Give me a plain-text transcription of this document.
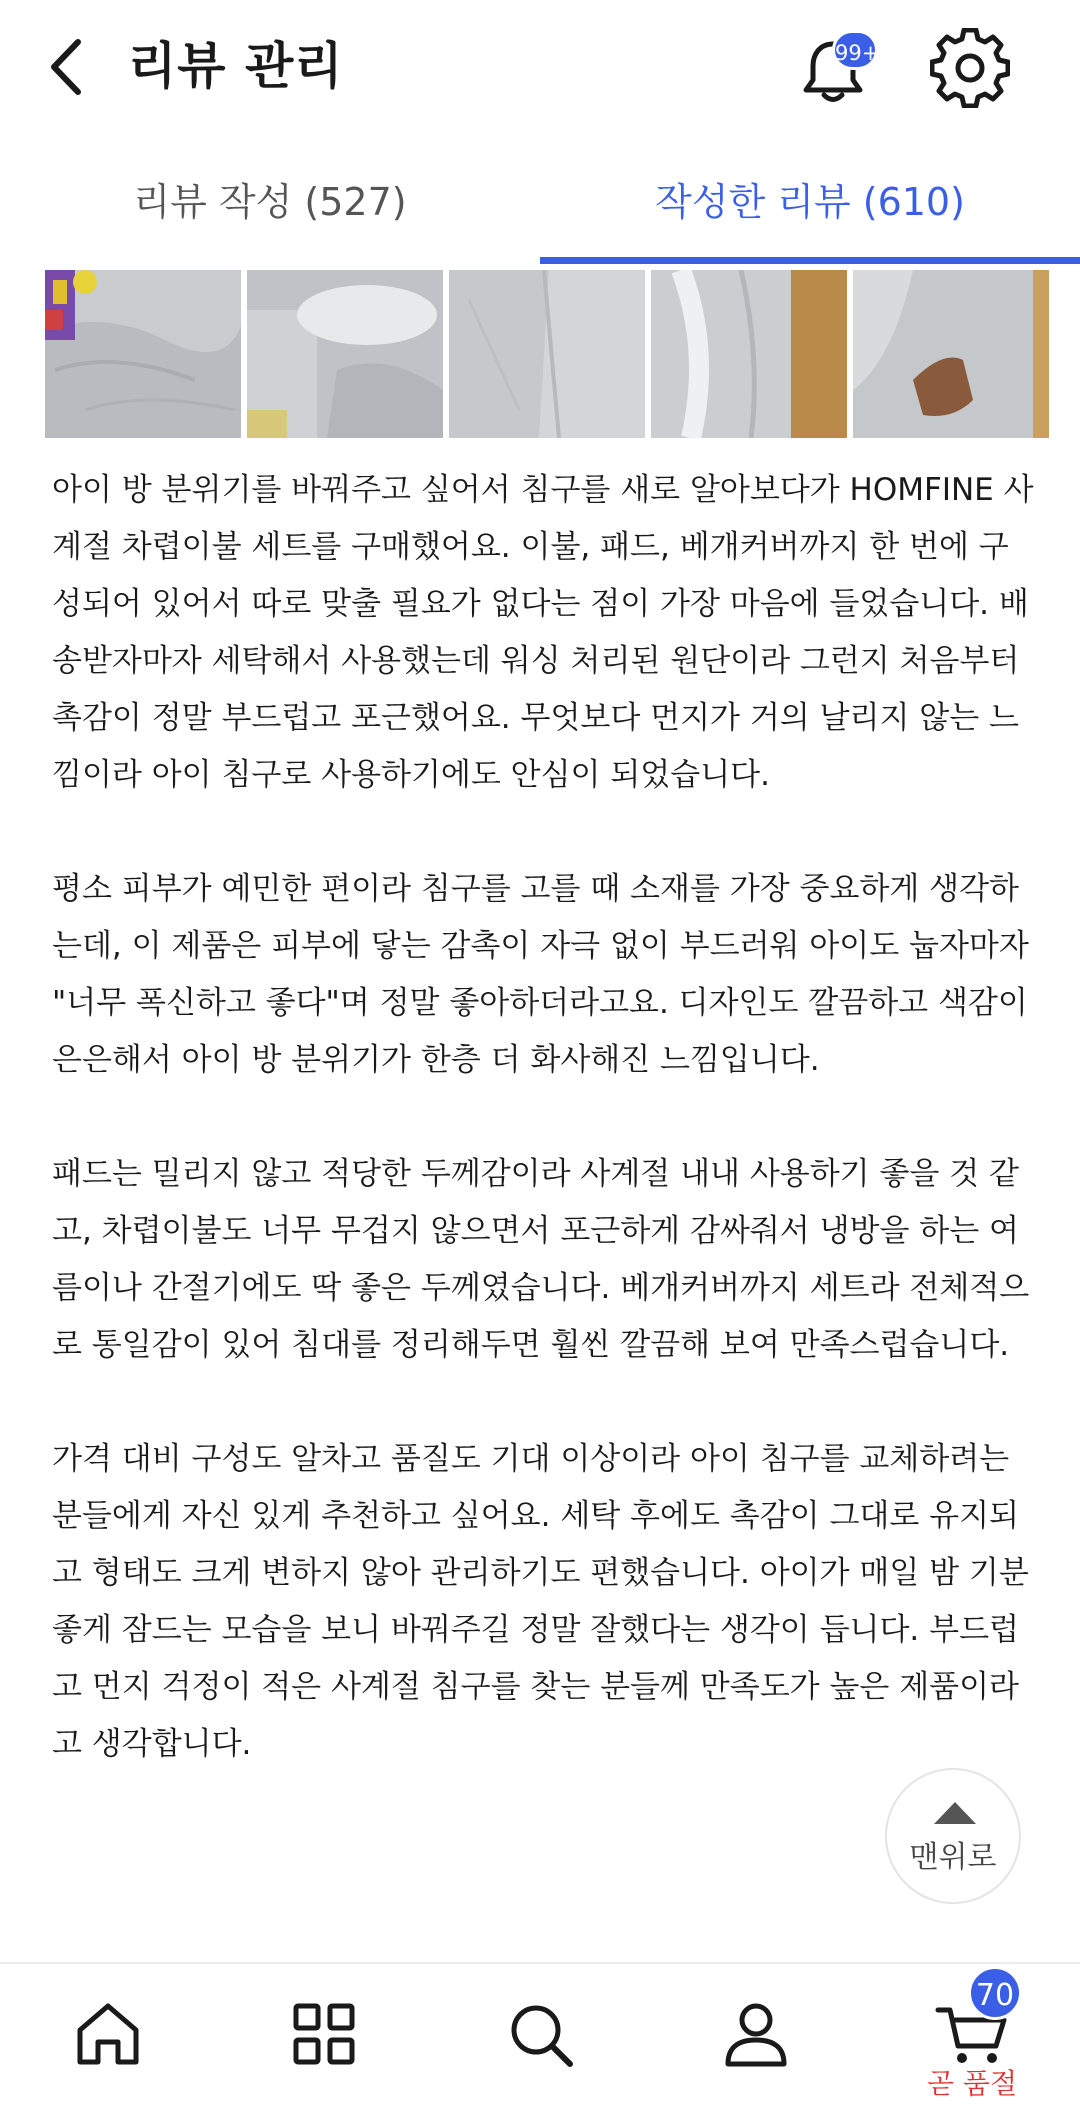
리뷰 관리	99+
리뷰 작성 (527)	작성한 리뷰 (610)

아이 방 분위기를 바꿔주고 싶어서 침구를 새로 알아보다가 HOMFINE 사계절 차렵이불 세트를 구매했어요. 이불, 패드, 베개커버까지 한 번에 구성되어 있어서 따로 맞출 필요가 없다는 점이 가장 마음에 들었습니다. 배송받자마자 세탁해서 사용했는데 워싱 처리된 원단이라 그런지 처음부터 촉감이 정말 부드럽고 포근했어요. 무엇보다 먼지가 거의 날리지 않는 느낌이라 아이 침구로 사용하기에도 안심이 되었습니다.

평소 피부가 예민한 편이라 침구를 고를 때 소재를 가장 중요하게 생각하는데, 이 제품은 피부에 닿는 감촉이 자극 없이 부드러워 아이도 눕자마자 "너무 폭신하고 좋다"며 정말 좋아하더라고요. 디자인도 깔끔하고 색감이 은은해서 아이 방 분위기가 한층 더 화사해진 느낌입니다.

패드는 밀리지 않고 적당한 두께감이라 사계절 내내 사용하기 좋을 것 같고, 차렵이불도 너무 무겁지 않으면서 포근하게 감싸줘서 냉방을 하는 여름이나 간절기에도 딱 좋은 두께였습니다. 베개커버까지 세트라 전체적으로 통일감이 있어 침대를 정리해두면 훨씬 깔끔해 보여 만족스럽습니다.

가격 대비 구성도 알차고 품질도 기대 이상이라 아이 침구를 교체하려는 분들에게 자신 있게 추천하고 싶어요. 세탁 후에도 촉감이 그대로 유지되고 형태도 크게 변하지 않아 관리하기도 편했습니다. 아이가 매일 밤 기분 좋게 잠드는 모습을 보니 바꿔주길 정말 잘했다는 생각이 듭니다. 부드럽고 먼지 걱정이 적은 사계절 침구를 찾는 분들께 만족도가 높은 제품이라고 생각합니다.

맨위로
70
곧 품절
